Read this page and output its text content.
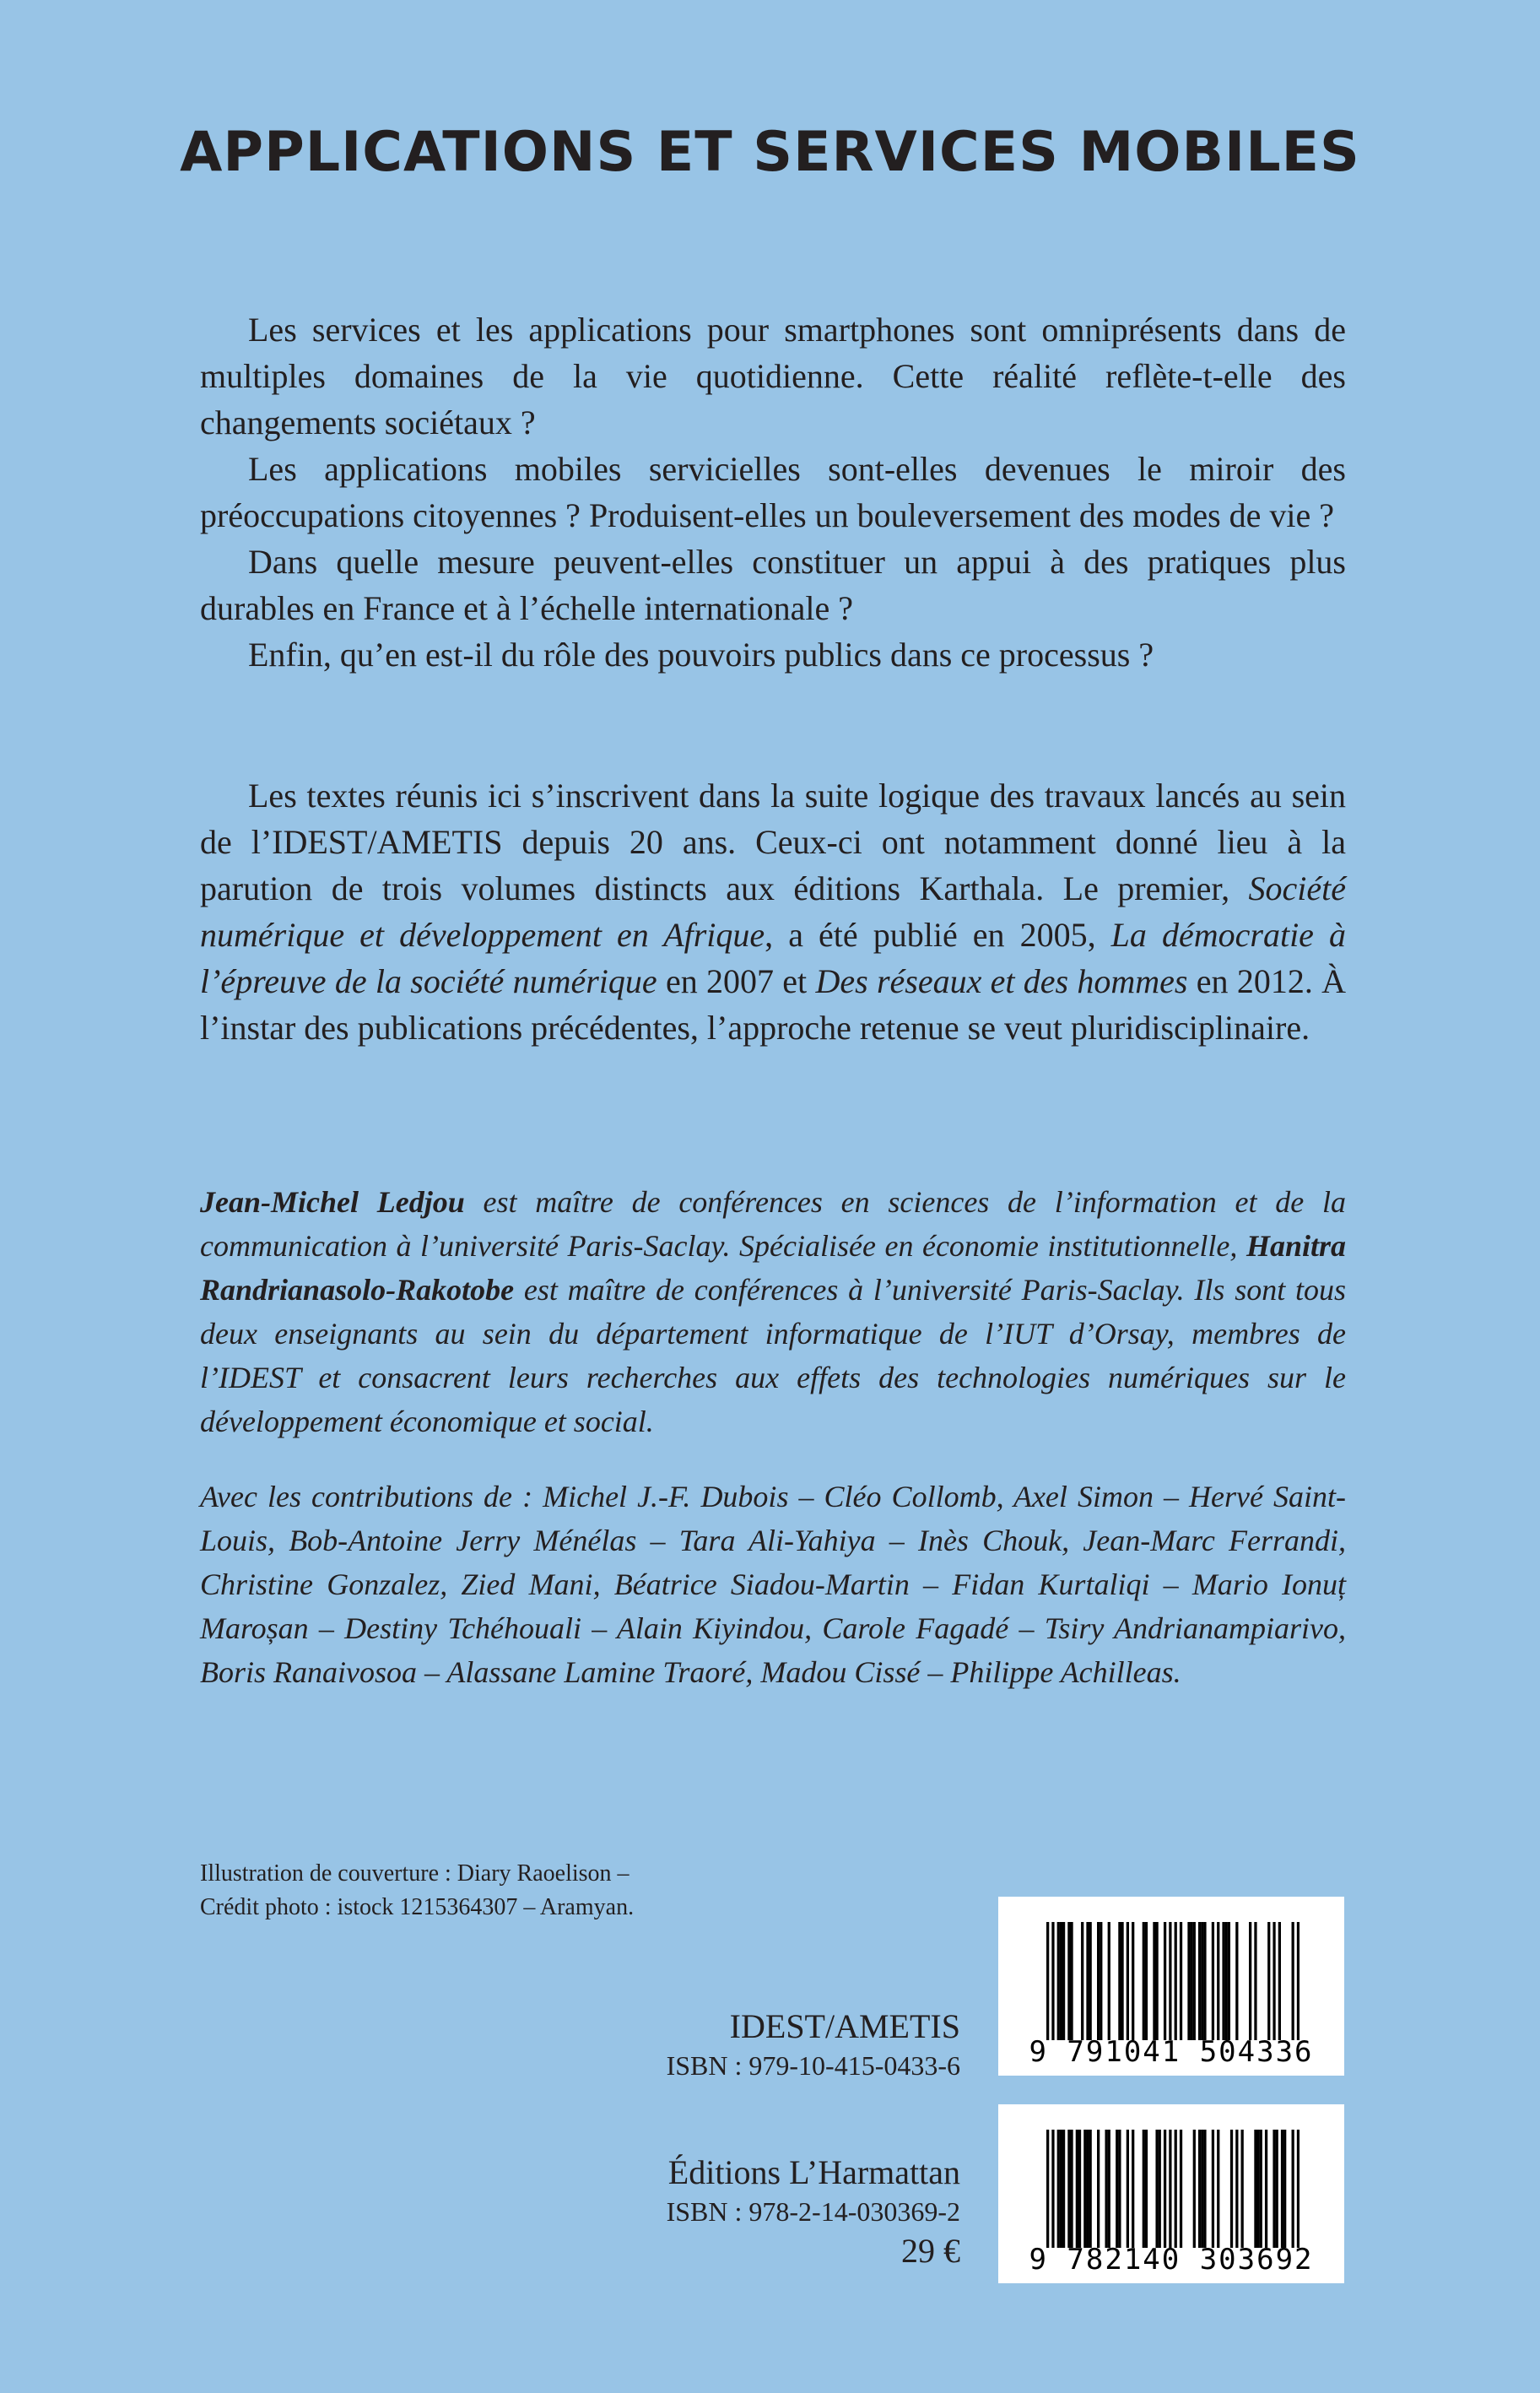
APPLICATIONS ET SERVICES MOBILES

Les services et les applications pour smartphones sont omniprésents dans de multiples domaines de la vie quotidienne. Cette réalité reflète-t-elle des changements sociétaux ?

Les applications mobiles servicielles sont-elles devenues le miroir des préoccupations citoyennes ? Produisent-elles un bouleversement des modes de vie ?

Dans quelle mesure peuvent-elles constituer un appui à des pratiques plus durables en France et à l’échelle internationale ?

Enfin, qu’en est-il du rôle des pouvoirs publics dans ce processus ?

Les textes réunis ici s’inscrivent dans la suite logique des travaux lancés au sein de l’IDEST/AMETIS depuis 20 ans. Ceux-ci ont notamment donné lieu à la parution de trois volumes distincts aux éditions Karthala. Le premier, Société numérique et développement en Afrique, a été publié en 2005, La démocratie à l’épreuve de la société numérique en 2007 et Des réseaux et des hommes en 2012. À l’instar des publications précédentes, l’approche retenue se veut pluridisciplinaire.

Jean-Michel Ledjou est maître de conférences en sciences de l’information et de la communication à l’université Paris-Saclay. Spécialisée en économie institutionnelle, Hanitra Randrianasolo-Rakotobe est maître de conférences à l’université Paris-Saclay. Ils sont tous deux enseignants au sein du département informatique de l’IUT d’Orsay, membres de l’IDEST et consacrent leurs recherches aux effets des technologies numériques sur le développement économique et social.

Avec les contributions de : Michel J.-F. Dubois – Cléo Collomb, Axel Simon – Hervé Saint-Louis, Bob-Antoine Jerry Ménélas – Tara Ali-Yahiya – Inès Chouk, Jean-Marc Ferrandi, Christine Gonzalez, Zied Mani, Béatrice Siadou-Martin – Fidan Kurtaliqi – Mario Ionuț Maroșan – Destiny Tchéhouali – Alain Kiyindou, Carole Fagadé – Tsiry Andrianampiarivo, Boris Ranaivosoa – Alassane Lamine Traoré, Madou Cissé – Philippe Achilleas.

Illustration de couverture : Diary Raoelison –
Crédit photo : istock 1215364307 – Aramyan.
IDEST/AMETIS
ISBN : 979-10-415-0433-6
Éditions L’Harmattan
ISBN : 978-2-14-030369-2
29 €
9 791041 504336
9 782140 303692
